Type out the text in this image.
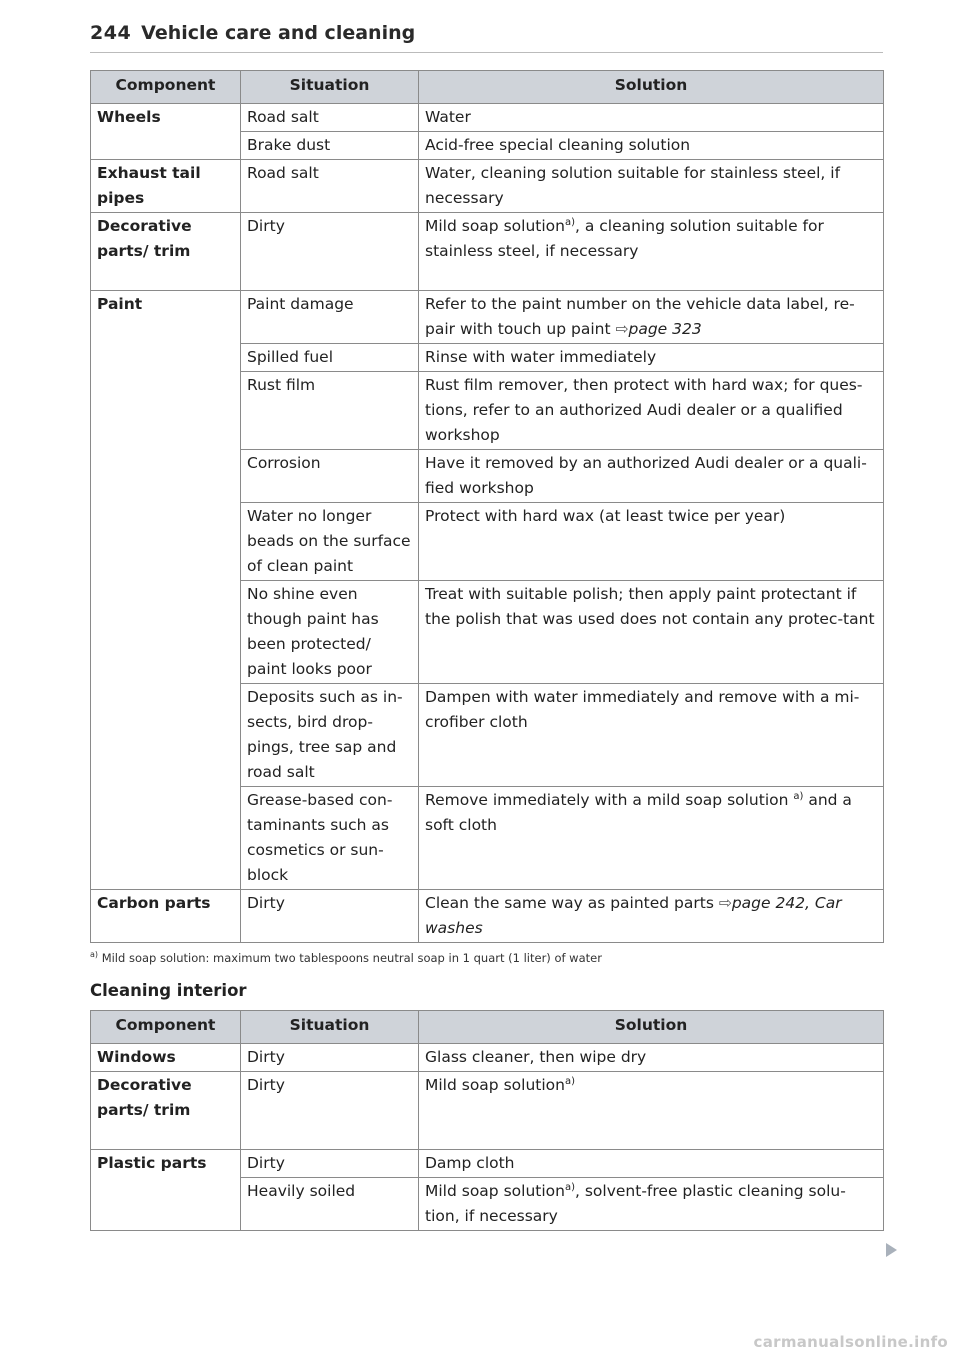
244 Vehicle care and cleaning
Component	Situation	Solution
Wheels	Road salt	Water
	Brake dust	Acid-free special cleaning solution
Exhaust tail pipes	Road salt	Water, cleaning solution suitable for stainless steel, if necessary
Decorative parts/ trim	Dirty	Mild soap solution$^{a)}$, a cleaning solution suitable for stainless steel, if necessary
Paint	Paint damage	Refer to the paint number on the vehicle data label, re-pair with touch up paint ⇨page 323
	Spilled fuel	Rinse with water immediately
	Rust film	Rust film remover, then protect with hard wax; for ques-tions, refer to an authorized Audi dealer or a qualified workshop
	Corrosion	Have it removed by an authorized Audi dealer or a quali-fied workshop
	Water no longer beads on the surface of clean paint	Protect with hard wax (at least twice per year)
	No shine even though paint has been protected/ paint looks poor	Treat with suitable polish; then apply paint protectant if the polish that was used does not contain any protec-tant
	Deposits such as in-sects, bird drop-pings, tree sap and road salt	Dampen with water immediately and remove with a mi-crofiber cloth
	Grease-based con-taminants such as cosmetics or sun-block	Remove immediately with a mild soap solution $^{a)}$ and a soft cloth
Carbon parts	Dirty	Clean the same way as painted parts ⇨page 242, Car washes
$^{a)}$ Mild soap solution: maximum two tablespoons neutral soap in 1 quart (1 liter) of water
Cleaning interior
Component	Situation	Solution
Windows	Dirty	Glass cleaner, then wipe dry
Decorative parts/ trim	Dirty	Mild soap solution$^{a)}$
Plastic parts	Dirty	Damp cloth
	Heavily soiled	Mild soap solution$^{a)}$, solvent-free plastic cleaning solu-tion, if necessary
carmanualsonline.info
